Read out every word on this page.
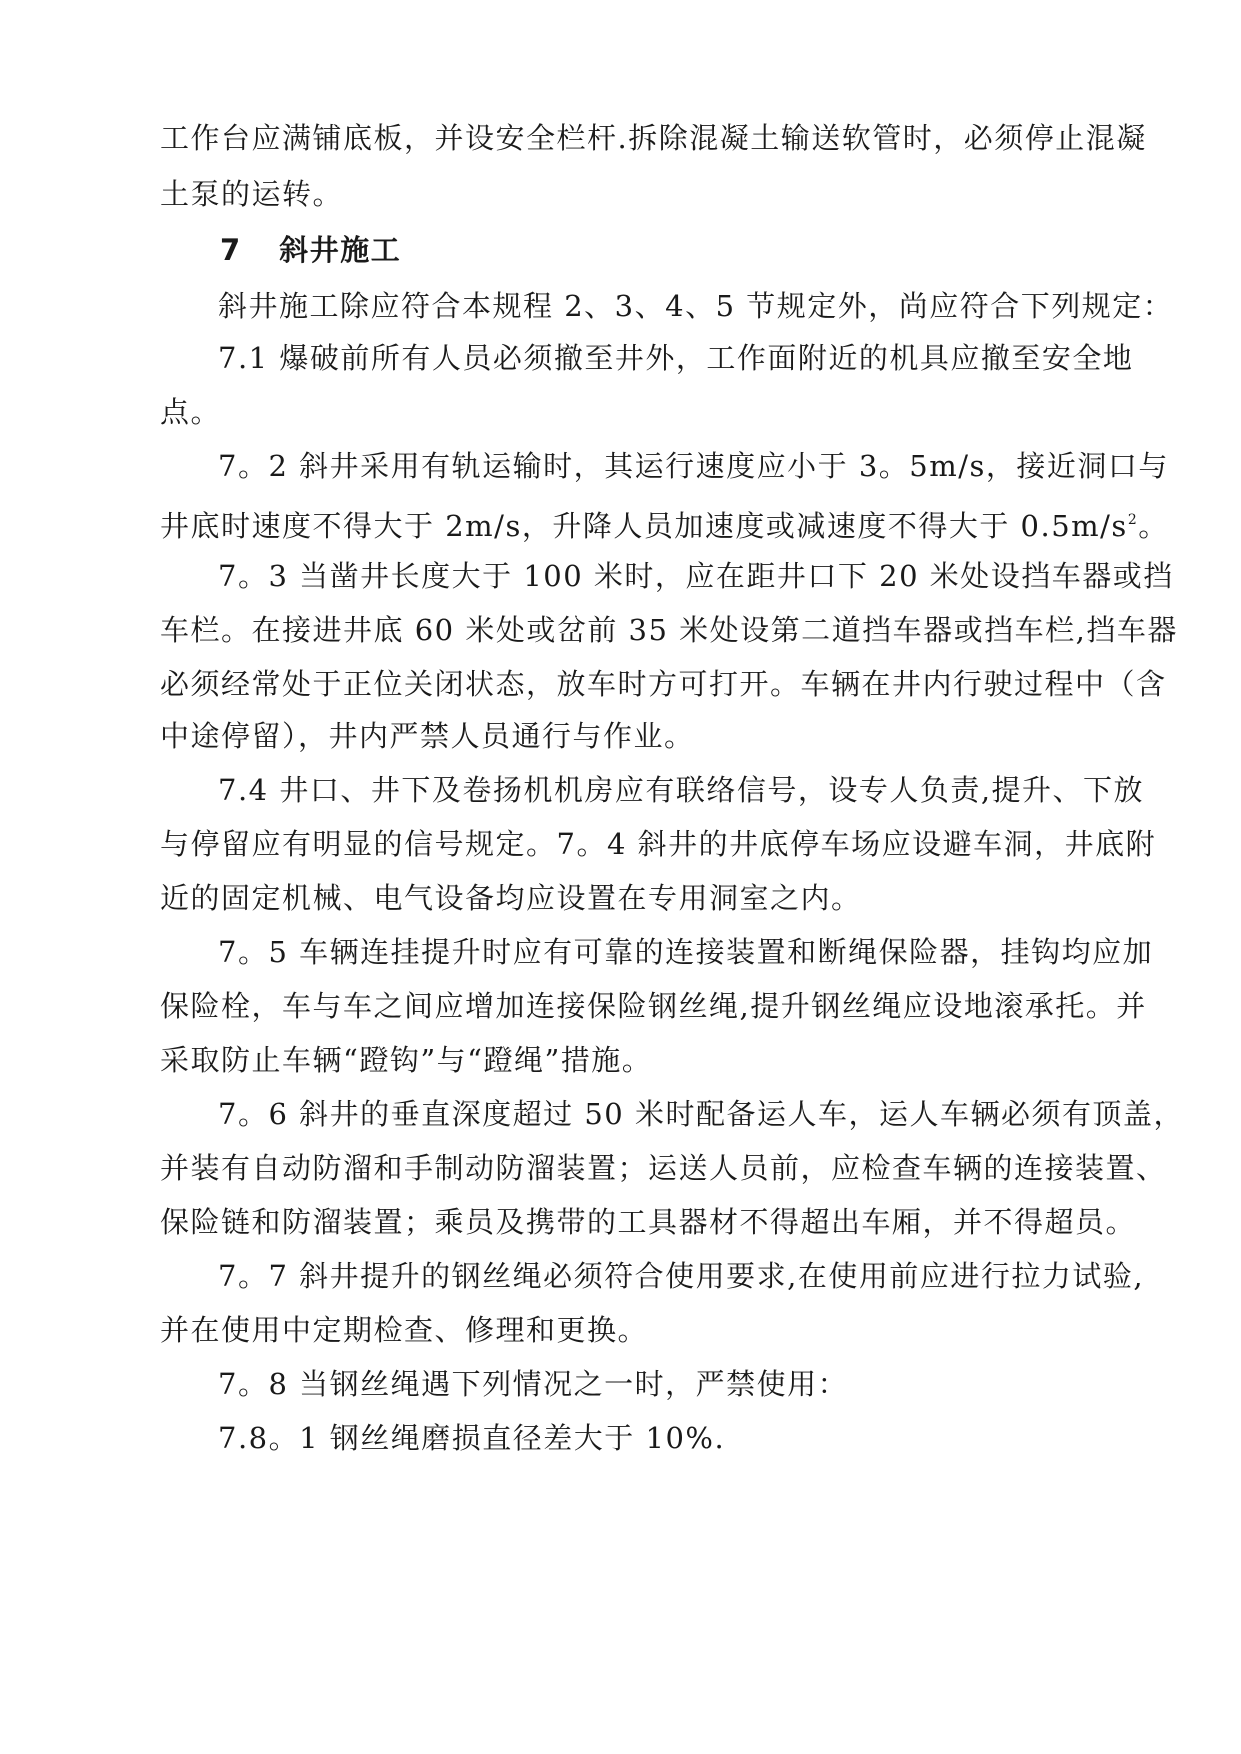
工作台应满铺底板，并设安全栏杆.拆除混凝土输送软管时，必须停止混凝

土泵的运转。

7 斜井施工

斜井施工除应符合本规程 2、3、4、5 节规定外，尚应符合下列规定：

7.1 爆破前所有人员必须撤至井外，工作面附近的机具应撤至安全地

点。

7。2 斜井采用有轨运输时，其运行速度应小于 3。5m/s，接近洞口与

井底时速度不得大于 2m/s，升降人员加速度或减速度不得大于 $0.5m/s^2$。

7。3 当凿井长度大于 100 米时，应在距井口下 20 米处设挡车器或挡

车栏。在接进井底 60 米处或岔前 35 米处设第二道挡车器或挡车栏,挡车器

必须经常处于正位关闭状态，放车时方可打开。车辆在井内行驶过程中（含

中途停留），井内严禁人员通行与作业。

7.4 井口、井下及卷扬机机房应有联络信号，设专人负责,提升、下放

与停留应有明显的信号规定。7。4 斜井的井底停车场应设避车洞，井底附

近的固定机械、电气设备均应设置在专用洞室之内。

7。5 车辆连挂提升时应有可靠的连接装置和断绳保险器，挂钩均应加

保险栓，车与车之间应增加连接保险钢丝绳,提升钢丝绳应设地滚承托。并

采取防止车辆“蹬钩”与“蹬绳”措施。

7。6 斜井的垂直深度超过 50 米时配备运人车，运人车辆必须有顶盖，

并装有自动防溜和手制动防溜装置；运送人员前，应检查车辆的连接装置、

保险链和防溜装置；乘员及携带的工具器材不得超出车厢，并不得超员。

7。7 斜井提升的钢丝绳必须符合使用要求,在使用前应进行拉力试验,

并在使用中定期检查、修理和更换。

7。8 当钢丝绳遇下列情况之一时，严禁使用：

7.8。1 钢丝绳磨损直径差大于 10%.
